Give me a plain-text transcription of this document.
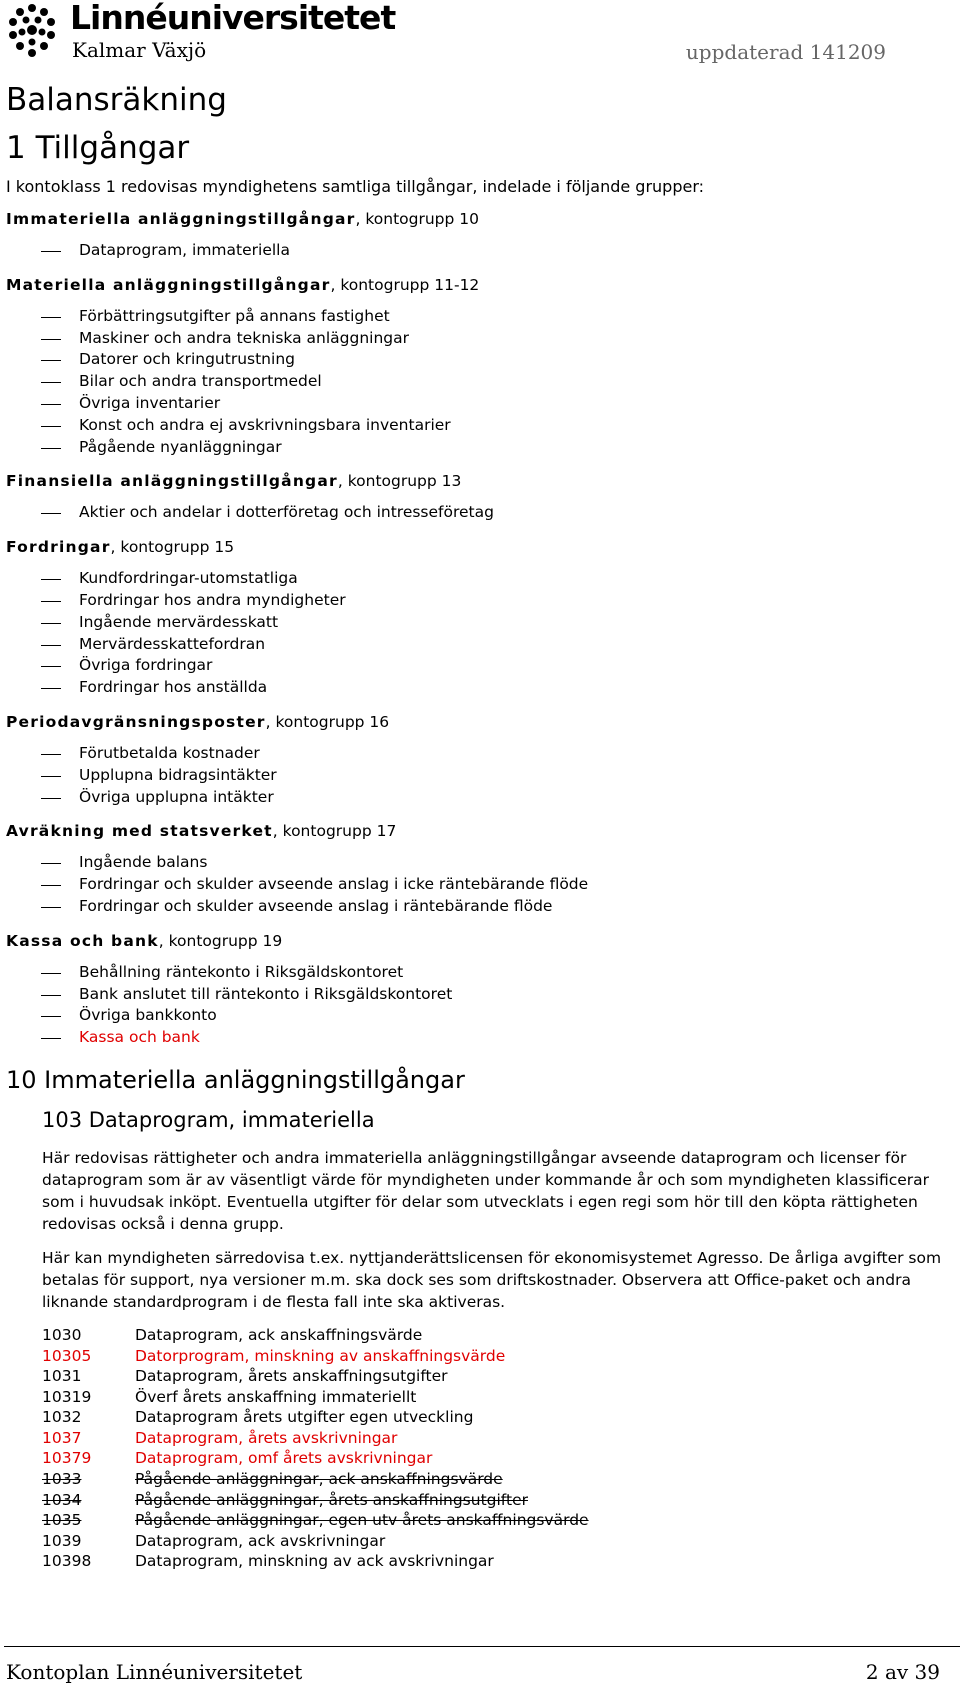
Linnéuniversitetet
Kalmar Växjö	uppdaterad 141209
Balansräkning
1 Tillgångar

I kontoklass 1 redovisas myndighetens samtliga tillgångar, indelade i följande grupper:

Immateriella anläggningstillgångar, kontogrupp 10
Dataprogram, immateriella
Materiella anläggningstillgångar, kontogrupp 11-12
Förbättringsutgifter på annans fastighet
Maskiner och andra tekniska anläggningar
Datorer och kringutrustning
Bilar och andra transportmedel
Övriga inventarier
Konst och andra ej avskrivningsbara inventarier
Pågående nyanläggningar
Finansiella anläggningstillgångar, kontogrupp 13
Aktier och andelar i dotterföretag och intresseföretag
Fordringar, kontogrupp 15
Kundfordringar-utomstatliga
Fordringar hos andra myndigheter
Ingående mervärdesskatt
Mervärdesskattefordran
Övriga fordringar
Fordringar hos anställda
Periodavgränsningsposter, kontogrupp 16
Förutbetalda kostnader
Upplupna bidragsintäkter
Övriga upplupna intäkter
Avräkning med statsverket, kontogrupp 17
Ingående balans
Fordringar och skulder avseende anslag i icke räntebärande flöde
Fordringar och skulder avseende anslag i räntebärande flöde
Kassa och bank, kontogrupp 19
Behållning räntekonto i Riksgäldskontoret
Bank anslutet till räntekonto i Riksgäldskontoret
Övriga bankkonto
Kassa och bank
10 Immateriella anläggningstillgångar
103 Dataprogram, immateriella

Här redovisas rättigheter och andra immateriella anläggningstillgångar avseende dataprogram och licenser för dataprogram som är av väsentligt värde för myndigheten under kommande år och som myndigheten klassificerar som i huvudsak inköpt. Eventuella utgifter för delar som utvecklats i egen regi som hör till den köpta rättigheten redovisas också i denna grupp.

Här kan myndigheten särredovisa t.ex. nyttjanderättslicensen för ekonomisystemet Agresso. De årliga avgifter som betalas för support, nya versioner m.m. ska dock ses som driftskostnader. Observera att Office-paket och andra liknande standardprogram i de flesta fall inte ska aktiveras.

1030	Dataprogram, ack anskaffningsvärde
10305	Datorprogram, minskning av anskaffningsvärde
1031	Dataprogram, årets anskaffningsutgifter
10319	Överf årets anskaffning immateriellt
1032	Dataprogram årets utgifter egen utveckling
1037	Dataprogram, årets avskrivningar
10379	Dataprogram, omf årets avskrivningar
1033	Pågående anläggningar, ack anskaffningsvärde
1034	Pågående anläggningar, årets anskaffningsutgifter
1035	Pågående anläggningar, egen utv årets anskaffningsvärde
1039	Dataprogram, ack avskrivningar
10398	Dataprogram, minskning av ack avskrivningar
Kontoplan Linnéuniversitetet	2 av 39
